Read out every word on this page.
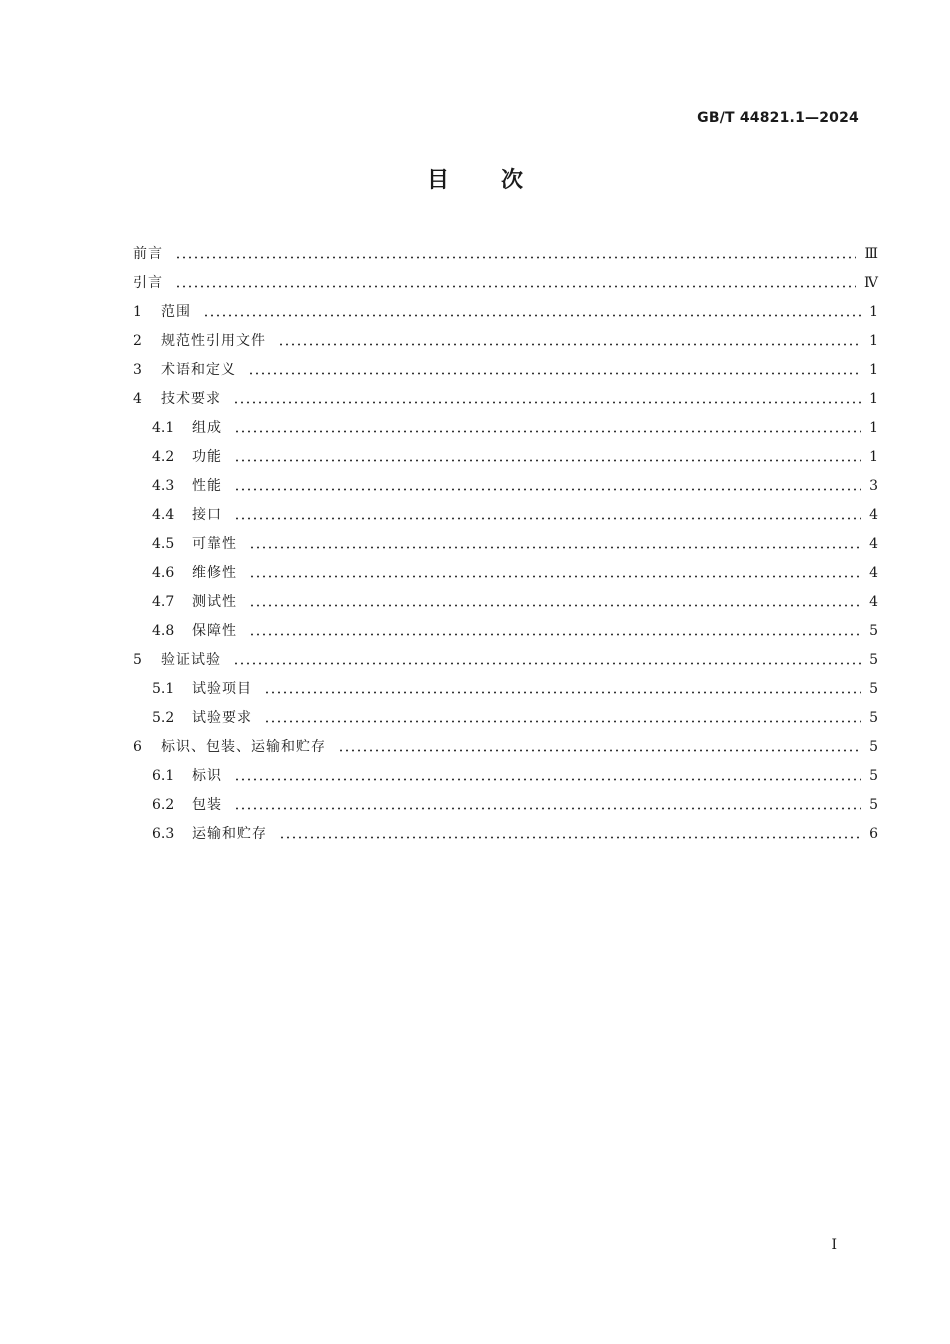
GB/T 44821.1—2024
目次
前言	Ⅲ
引言	Ⅳ
1	范围	1
2	规范性引用文件	1
3	术语和定义	1
4	技术要求	1
4.1	组成	1
4.2	功能	1
4.3	性能	3
4.4	接口	4
4.5	可靠性	4
4.6	维修性	4
4.7	测试性	4
4.8	保障性	5
5	验证试验	5
5.1	试验项目	5
5.2	试验要求	5
6	标识、包装、运输和贮存	5
6.1	标识	5
6.2	包装	5
6.3	运输和贮存	6
Ⅰ
